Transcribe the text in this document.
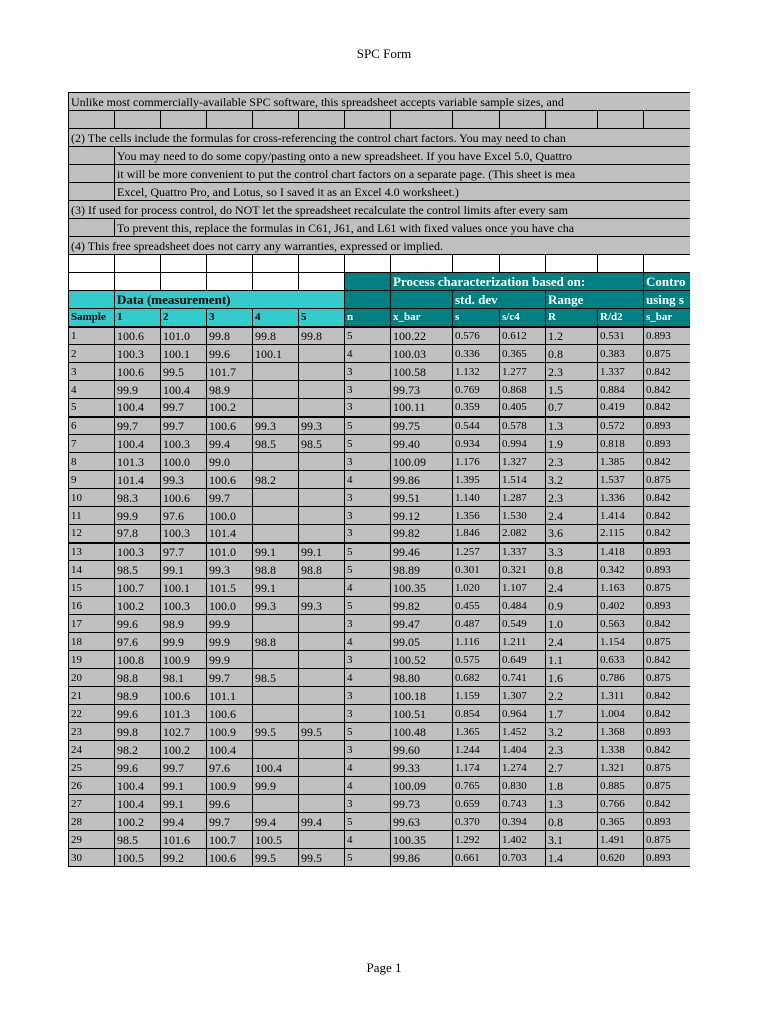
SPC Form
Unlike most commercially-available SPC software, this spreadsheet accepts variable sample sizes, and												

(2) The cells include the formulas for cross-referencing the control chart factors. You may need to chan												
	You may need to do some copy/pasting onto a new spreadsheet. If you have Excel 5.0, Quattro											
	it will be more convenient to put the control chart factors on a separate page. (This sheet is mea											
	Excel, Quattro Pro, and Lotus, so I saved it as an Excel 4.0 worksheet.)											
(3) If used for process control, do NOT let the spreadsheet recalculate the control limits after every sam												
	To prevent this, replace the formulas in C61, J61, and L61 with fixed values once you have cha											
(4) This free spreadsheet does not carry any warranties, expressed or implied.												

							Process characterization based on:					Contro
	Data (measurement)							std. dev		Range		using s
Sample	1	2	3	4	5	n	x_bar	s	s/c4	R	R/d2	s_bar
1	100.6	101.0	99.8	99.8	99.8	5	100.22	0.576	0.612	1.2	0.531	0.893
2	100.3	100.1	99.6	100.1		4	100.03	0.336	0.365	0.8	0.383	0.875
3	100.6	99.5	101.7			3	100.58	1.132	1.277	2.3	1.337	0.842
4	99.9	100.4	98.9			3	99.73	0.769	0.868	1.5	0.884	0.842
5	100.4	99.7	100.2			3	100.11	0.359	0.405	0.7	0.419	0.842
6	99.7	99.7	100.6	99.3	99.3	5	99.75	0.544	0.578	1.3	0.572	0.893
7	100.4	100.3	99.4	98.5	98.5	5	99.40	0.934	0.994	1.9	0.818	0.893
8	101.3	100.0	99.0			3	100.09	1.176	1.327	2.3	1.385	0.842
9	101.4	99.3	100.6	98.2		4	99.86	1.395	1.514	3.2	1.537	0.875
10	98.3	100.6	99.7			3	99.51	1.140	1.287	2.3	1.336	0.842
11	99.9	97.6	100.0			3	99.12	1.356	1.530	2.4	1.414	0.842
12	97.8	100.3	101.4			3	99.82	1.846	2.082	3.6	2.115	0.842
13	100.3	97.7	101.0	99.1	99.1	5	99.46	1.257	1.337	3.3	1.418	0.893
14	98.5	99.1	99.3	98.8	98.8	5	98.89	0.301	0.321	0.8	0.342	0.893
15	100.7	100.1	101.5	99.1		4	100.35	1.020	1.107	2.4	1.163	0.875
16	100.2	100.3	100.0	99.3	99.3	5	99.82	0.455	0.484	0.9	0.402	0.893
17	99.6	98.9	99.9			3	99.47	0.487	0.549	1.0	0.563	0.842
18	97.6	99.9	99.9	98.8		4	99.05	1.116	1.211	2.4	1.154	0.875
19	100.8	100.9	99.9			3	100.52	0.575	0.649	1.1	0.633	0.842
20	98.8	98.1	99.7	98.5		4	98.80	0.682	0.741	1.6	0.786	0.875
21	98.9	100.6	101.1			3	100.18	1.159	1.307	2.2	1.311	0.842
22	99.6	101.3	100.6			3	100.51	0.854	0.964	1.7	1.004	0.842
23	99.8	102.7	100.9	99.5	99.5	5	100.48	1.365	1.452	3.2	1.368	0.893
24	98.2	100.2	100.4			3	99.60	1.244	1.404	2.3	1.338	0.842
25	99.6	99.7	97.6	100.4		4	99.33	1.174	1.274	2.7	1.321	0.875
26	100.4	99.1	100.9	99.9		4	100.09	0.765	0.830	1.8	0.885	0.875
27	100.4	99.1	99.6			3	99.73	0.659	0.743	1.3	0.766	0.842
28	100.2	99.4	99.7	99.4	99.4	5	99.63	0.370	0.394	0.8	0.365	0.893
29	98.5	101.6	100.7	100.5		4	100.35	1.292	1.402	3.1	1.491	0.875
30	100.5	99.2	100.6	99.5	99.5	5	99.86	0.661	0.703	1.4	0.620	0.893
Page 1
